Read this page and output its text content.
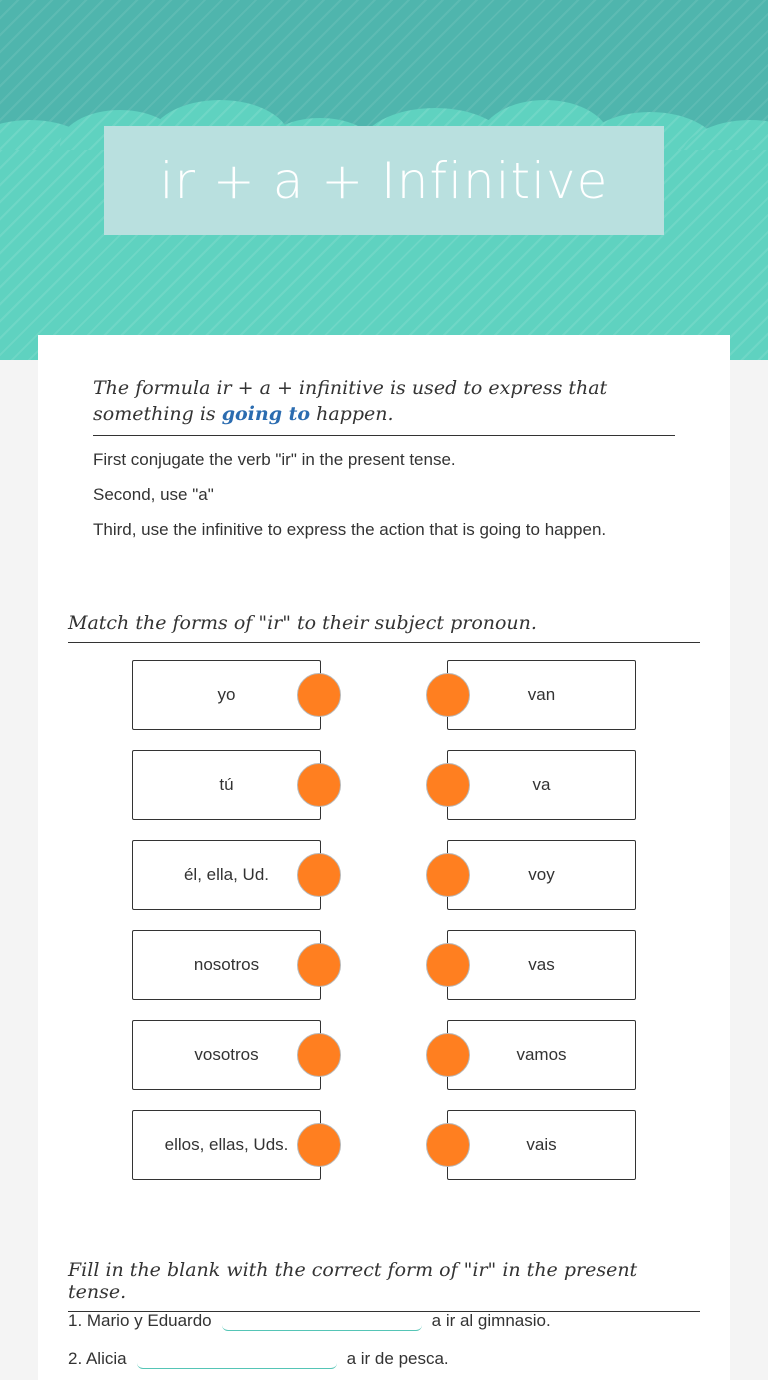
ir + a + Infinitive
The formula ir + a + infinitive is used to express that something is going to happen.
First conjugate the verb "ir" in the present tense.
Second, use "a"
Third, use the infinitive to express the action that is going to happen.
Match the forms of "ir" to their subject pronoun.
yo
tú
él, ella, Ud.
nosotros
vosotros
ellos, ellas, Uds.
van
va
voy
vas
vamos
vais
Fill in the blank with the correct form of "ir" in the present tense.
1. Mario y Eduardo	a ir al gimnasio.
2. Alicia	a ir de pesca.
